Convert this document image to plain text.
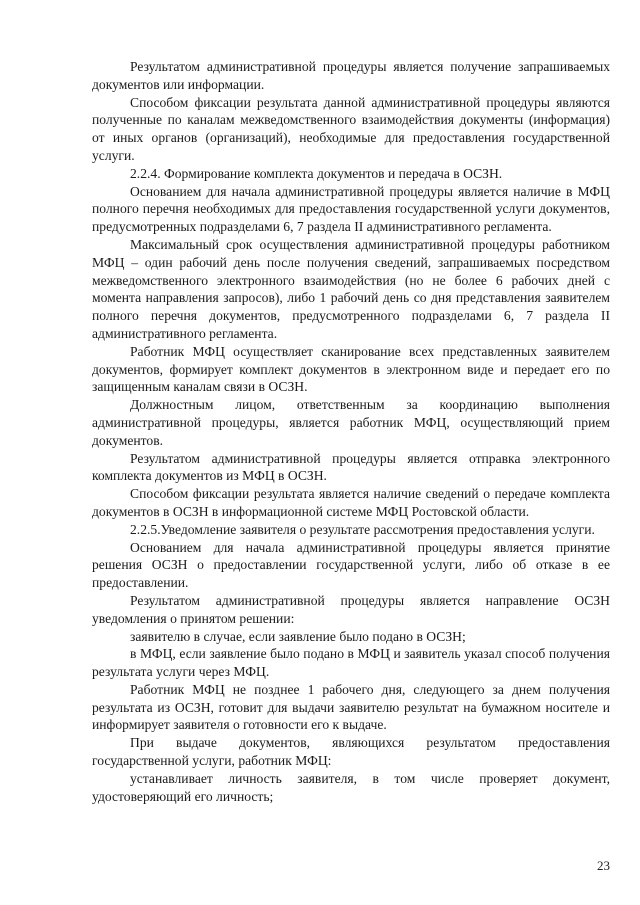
Результатом административной процедуры является получение запрашиваемых документов или информации.

Способом фиксации результата данной административной процедуры являются полученные по каналам межведомственного взаимодействия документы (информация) от иных органов (организаций), необходимые для предоставления государственной услуги.

2.2.4. Формирование комплекта документов и передача в ОСЗН.

Основанием для начала административной процедуры является наличие в МФЦ полного перечня необходимых для предоставления государственной услуги документов, предусмотренных подразделами 6, 7 раздела II административного регламента.

Максимальный срок осуществления административной процедуры работником МФЦ – один рабочий день после получения сведений, запрашиваемых посредством межведомственного электронного взаимодействия (но не более 6 рабочих дней с момента направления запросов), либо 1 рабочий день со дня представления заявителем полного перечня документов, предусмотренного подразделами 6, 7 раздела II административного регламента.

Работник МФЦ осуществляет сканирование всех представленных заявителем документов, формирует комплект документов в электронном виде и передает его по защищенным каналам связи в ОСЗН.

Должностным лицом, ответственным за координацию выполнения административной процедуры, является работник МФЦ, осуществляющий прием документов.

Результатом административной процедуры является отправка электронного комплекта документов из МФЦ в ОСЗН.

Способом фиксации результата является наличие сведений о передаче комплекта документов в ОСЗН в информационной системе МФЦ Ростовской области.

2.2.5.Уведомление заявителя о результате рассмотрения предоставления услуги.

Основанием для начала административной процедуры является принятие решения ОСЗН о предоставлении государственной услуги, либо об отказе в ее предоставлении.

Результатом административной процедуры является направление ОСЗН уведомления о принятом решении:

заявителю в случае, если заявление было подано в ОСЗН;

в МФЦ, если заявление было подано в МФЦ и заявитель указал способ получения результата услуги через МФЦ.

Работник МФЦ не позднее 1 рабочего дня, следующего за днем получения результата из ОСЗН, готовит для выдачи заявителю результат на бумажном носителе и информирует заявителя о готовности его к выдаче.

При выдаче документов, являющихся результатом предоставления государственной услуги, работник МФЦ:

устанавливает личность заявителя, в том числе проверяет документ, удостоверяющий его личность;

23
